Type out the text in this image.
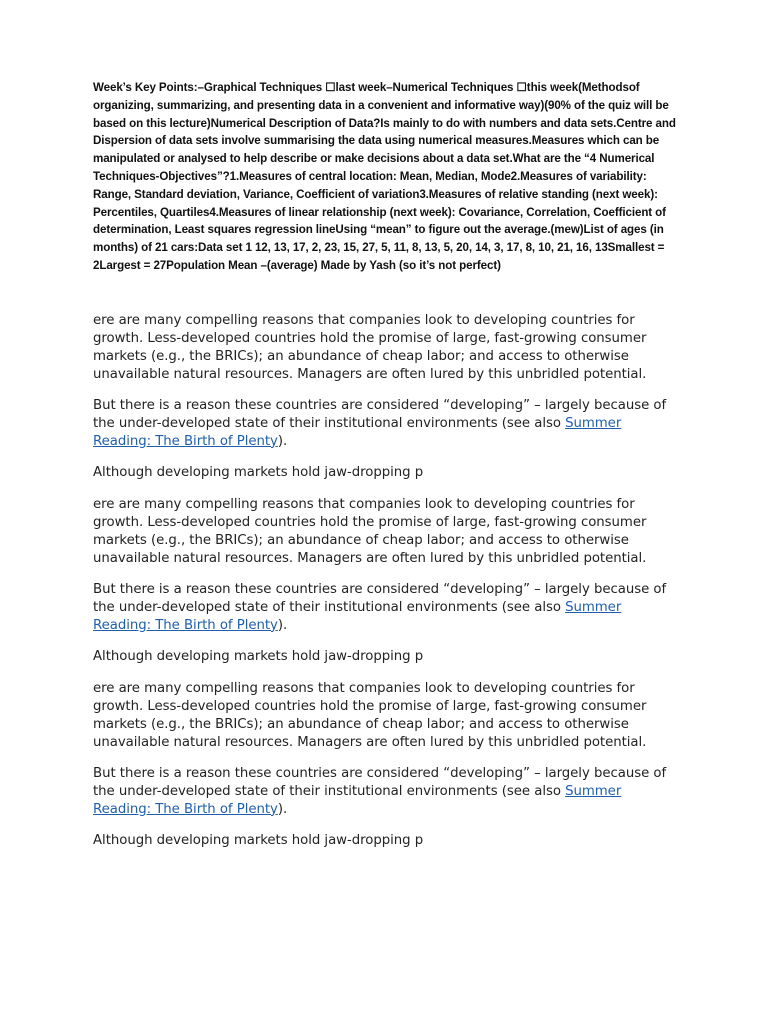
Week’s Key Points:–Graphical Techniques ☐last week–Numerical Techniques ☐this week(Methodsof organizing, summarizing, and presenting data in a convenient and informative way)(90% of the quiz will be based on this lecture)Numerical Description of Data?Is mainly to do with numbers and data sets.Centre and Dispersion of data sets involve summarising the data using numerical measures.Measures which can be manipulated or analysed to help describe or make decisions about a data set.What are the “4 Numerical Techniques-Objectives”?1.Measures of central location: Mean, Median, Mode2.Measures of variability: Range, Standard deviation, Variance, Coefficient of variation3.Measures of relative standing (next week): Percentiles, Quartiles4.Measures of linear relationship (next week): Covariance, Correlation, Coefficient of determination, Least squares regression lineUsing “mean” to figure out the average.(mew)List of ages (in months) of 21 cars:Data set 1 12, 13, 17, 2, 23, 15, 27, 5, 11, 8, 13, 5, 20, 14, 3, 17, 8, 10, 21, 16, 13Smallest = 2Largest = 27Population Mean –(average) Made by Yash (so it’s not perfect)

ere are many compelling reasons that companies look to developing countries for growth. Less-developed countries hold the promise of large, fast-growing consumer markets (e.g., the BRICs); an abundance of cheap labor; and access to otherwise unavailable natural resources. Managers are often lured by this unbridled potential.

But there is a reason these countries are considered “developing” – largely because of the under-developed state of their institutional environments (see also Summer Reading: The Birth of Plenty).

Although developing markets hold jaw-dropping p

ere are many compelling reasons that companies look to developing countries for growth. Less-developed countries hold the promise of large, fast-growing consumer markets (e.g., the BRICs); an abundance of cheap labor; and access to otherwise unavailable natural resources. Managers are often lured by this unbridled potential.

But there is a reason these countries are considered “developing” – largely because of the under-developed state of their institutional environments (see also Summer Reading: The Birth of Plenty).

Although developing markets hold jaw-dropping p

ere are many compelling reasons that companies look to developing countries for growth. Less-developed countries hold the promise of large, fast-growing consumer markets (e.g., the BRICs); an abundance of cheap labor; and access to otherwise unavailable natural resources. Managers are often lured by this unbridled potential.

But there is a reason these countries are considered “developing” – largely because of the under-developed state of their institutional environments (see also Summer Reading: The Birth of Plenty).

Although developing markets hold jaw-dropping p
